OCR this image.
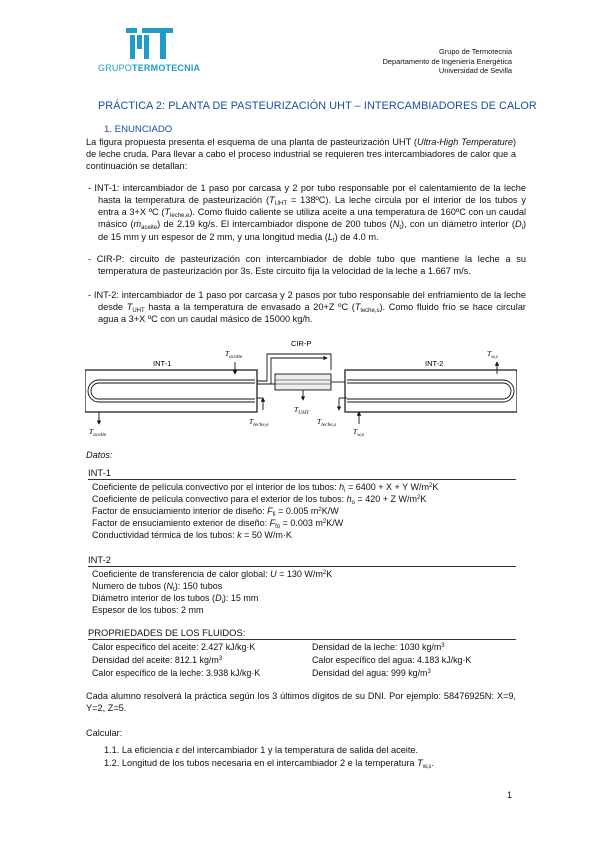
GRUPOTERMOTECNIA
Grupo de Termotecnia
Departamento de Ingeniería Energética
Universidad de Sevilla
PRÁCTICA 2: PLANTA DE PASTEURIZACIÓN UHT – INTERCAMBIADORES DE CALOR
1. ENUNCIADO
La figura propuesta presenta el esquema de una planta de pasteurización UHT (Ultra-High Temperature) de leche cruda. Para llevar a cabo el proceso industrial se requieren tres intercambiadores de calor que a continuación se detallan:
- INT-1: intercambiador de 1 paso por carcasa y 2 por tubo responsable por el calentamiento de la leche hasta la temperatura de pasteurización ($T_{UHT}$ = 138ºC). La leche circula por el interior de los tubos y entra a 3+X ºC $(T_{leche,e})$. Como fluido caliente se utiliza aceite a una temperatura de 160ºC con un caudal másico (ṁ$_{aceite}$) de 2.19 kg/s. El intercambiador dispone de 200 tubos $(N_t)$, con un diámetro interior $(D_i)$ de 15 mm y un espesor de 2 mm, y una longitud media $(L_t)$ de 4.0 m.
- CIR-P: circuito de pasteurización con intercambiador de doble tubo que mantiene la leche a su temperatura de pasteurización por 3s. Este circuito fija la velocidad de la leche a 1.667 m/s.
- INT-2: intercambiador de 1 paso por carcasa y 2 pasos por tubo responsable del enfriamiento de la leche desde $T_{UHT}$ hasta a la temperatura de envasado a 20+Z ºC $(T_{leche,s})$. Como fluido frío se hace circular agua a 3+X ºC con un caudal másico de 15000 kg/h.
INT-1
$T_{aceite}$
$T_{aceite}$
$T_{leche,e}$
CIR-P
$T_{UHT}$
INT-2
$T_{w,s}$
$T_{w,e}$
$T_{leche,s}$
Datos:
INT-1
Coeficiente de película convectivo por el interior de los tubos: $h_i = 6400 + X + Y$ $W/m^2K$
Coeficiente de película convectivo para el exterior de los tubos: $h_o = 420 + Z$ $W/m^2K$
Factor de ensuciamiento interior de diseño: $F_{fi} = 0.005$ $m^2K/W$
Factor de ensuciamiento exterior de diseño: $F_{fo} = 0.003$ $m^2K/W$
Conductividad térmica de los tubos: k = 50 W/m·K
INT-2
Coeficiente de transferencia de calor global: U = 130 $W/m^2K$
Numero de tubos $(N_t)$: 150 tubos
Diámetro interior de los tubos $(D_i)$: 15 mm
Espesor de los tubos: 2 mm
PROPRIEDADES DE LOS FLUIDOS:
Calor específico del aceite: 2.427 kJ/kg·K
Densidad del aceite: 812.1 $kg/m^3$
Calor específico de la leche: 3.938 kJ/kg·K
Densidad de la leche: 1030 $kg/m^3$
Calor específico del agua: 4.183 kJ/kg·K
Densidad del agua: 999 $kg/m^3$
Cada alumno resolverá la práctica según los 3 últimos dígitos de su DNI. Por ejemplo: 58476925N: X=9, Y=2, Z=5.
Calcular:
1.1. La eficiencia ε del intercambiador 1 y la temperatura de salida del aceite.
1.2. Longitud de los tubos necesaria en el intercambiador 2 e la temperatura $T_{w,s}$.
1
